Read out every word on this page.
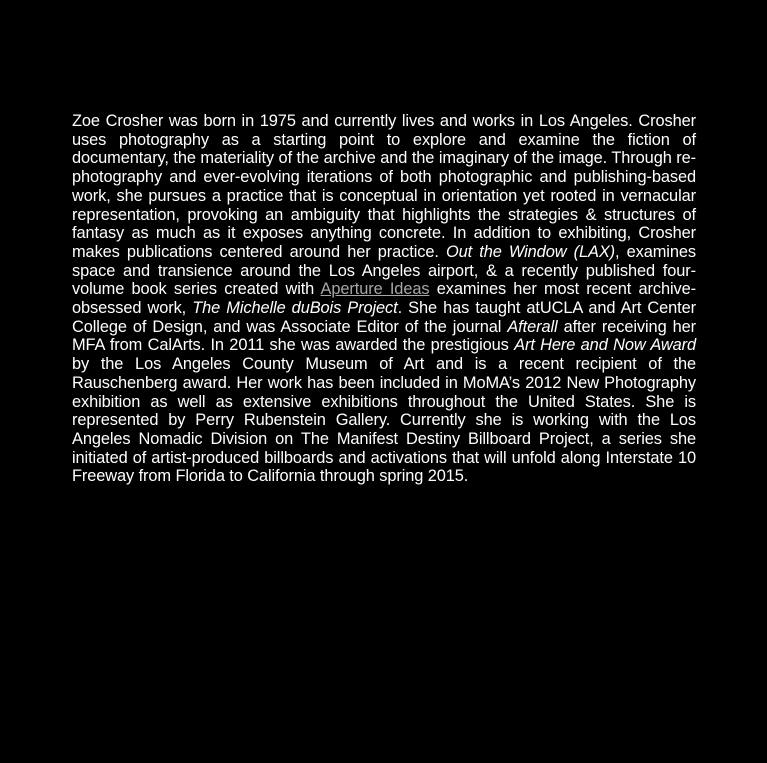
Zoe Crosher was born in 1975 and currently lives and works in Los Angeles. Crosher uses photography as a starting point to explore and examine the fiction of documentary, the materiality of the archive and the imaginary of the image. Through re-photography and ever-evolving iterations of both photographic and publishing-based work, she pursues a practice that is conceptual in orientation yet rooted in vernacular representation, provoking an ambiguity that highlights the strategies & structures of fantasy as much as it exposes anything concrete. In addition to exhibiting, Crosher makes publications centered around her practice. Out the Window (LAX), examines space and transience around the Los Angeles airport, & a recently published four-volume book series created with Aperture Ideas examines her most recent archive-obsessed work, The Michelle duBois Project. She has taught atUCLA and Art Center College of Design, and was Associate Editor of the journal Afterall after receiving her MFA from CalArts. In 2011 she was awarded the prestigious Art Here and Now Award by the Los Angeles County Museum of Art and is a recent recipient of the Rauschenberg award. Her work has been included in MoMA’s 2012 New Photography exhibition as well as extensive exhibitions throughout the United States. She is represented by Perry Rubenstein Gallery. Currently she is working with the Los Angeles Nomadic Division on The Manifest Destiny Billboard Project, a series she initiated of artist-produced billboards and activations that will unfold along Interstate 10 Freeway from Florida to California through spring 2015.
